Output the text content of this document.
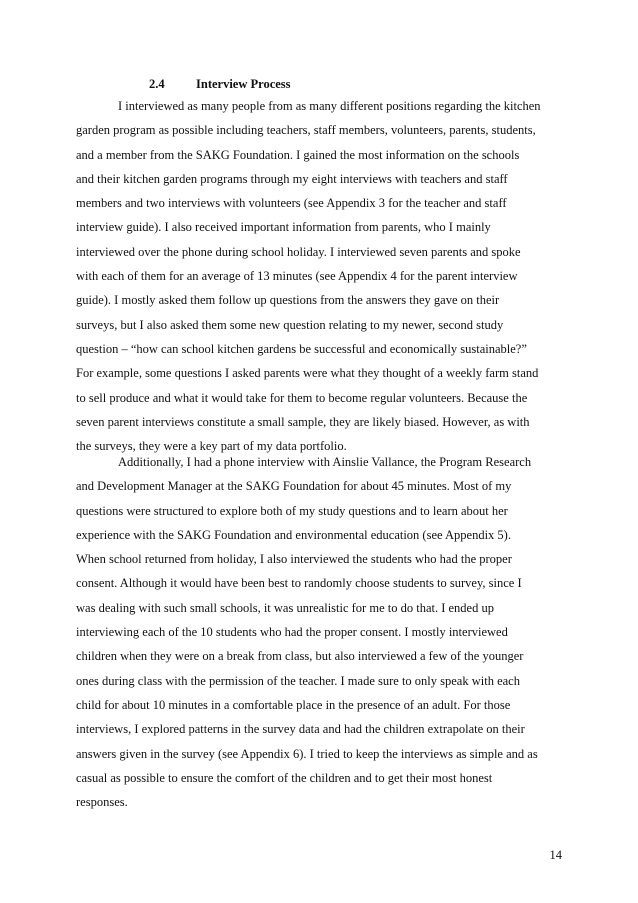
2.4	Interview Process
I interviewed as many people from as many different positions regarding the kitchen
garden program as possible including teachers, staff members, volunteers, parents, students,
and a member from the SAKG Foundation. I gained the most information on the schools
and their kitchen garden programs through my eight interviews with teachers and staff
members and two interviews with volunteers (see Appendix 3 for the teacher and staff
interview guide). I also received important information from parents, who I mainly
interviewed over the phone during school holiday. I interviewed seven parents and spoke
with each of them for an average of 13 minutes (see Appendix 4 for the parent interview
guide). I mostly asked them follow up questions from the answers they gave on their
surveys, but I also asked them some new question relating to my newer, second study
question – “how can school kitchen gardens be successful and economically sustainable?”
For example, some questions I asked parents were what they thought of a weekly farm stand
to sell produce and what it would take for them to become regular volunteers. Because the
seven parent interviews constitute a small sample, they are likely biased. However, as with
the surveys, they were a key part of my data portfolio.
Additionally, I had a phone interview with Ainslie Vallance, the Program Research
and Development Manager at the SAKG Foundation for about 45 minutes. Most of my
questions were structured to explore both of my study questions and to learn about her
experience with the SAKG Foundation and environmental education (see Appendix 5).
When school returned from holiday, I also interviewed the students who had the proper
consent. Although it would have been best to randomly choose students to survey, since I
was dealing with such small schools, it was unrealistic for me to do that. I ended up
interviewing each of the 10 students who had the proper consent. I mostly interviewed
children when they were on a break from class, but also interviewed a few of the younger
ones during class with the permission of the teacher. I made sure to only speak with each
child for about 10 minutes in a comfortable place in the presence of an adult. For those
interviews, I explored patterns in the survey data and had the children extrapolate on their
answers given in the survey (see Appendix 6). I tried to keep the interviews as simple and as
casual as possible to ensure the comfort of the children and to get their most honest
responses.
14
